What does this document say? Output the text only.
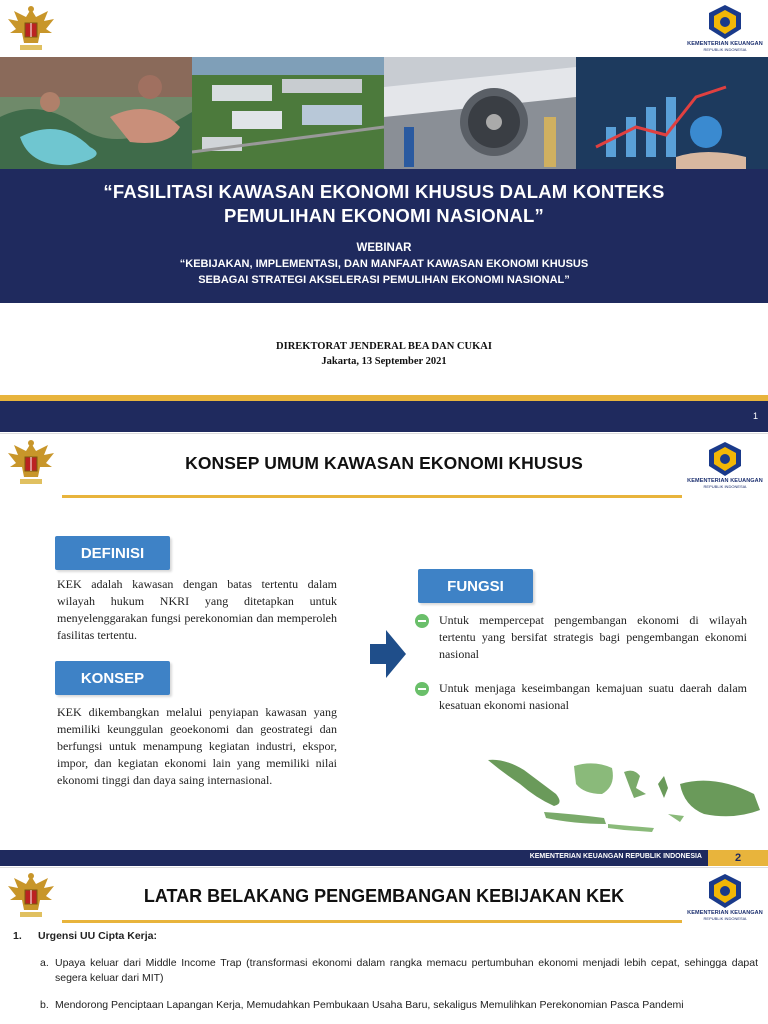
KEMENTERIAN KEUANGAN
REPUBLIK INDONESIA
“FASILITASI KAWASAN EKONOMI KHUSUS DALAM KONTEKS
PEMULIHAN EKONOMI NASIONAL”
WEBINAR
“KEBIJAKAN, IMPLEMENTASI, DAN MANFAAT KAWASAN EKONOMI KHUSUS
SEBAGAI STRATEGI AKSELERASI PEMULIHAN EKONOMI NASIONAL”
DIREKTORAT JENDERAL BEA DAN CUKAI
Jakarta, 13 September 2021
1
KONSEP UMUM KAWASAN EKONOMI KHUSUS
KEMENTERIAN KEUANGAN
REPUBLIK INDONESIA
DEFINISI
KEK adalah kawasan dengan batas tertentu dalam wilayah hukum NKRI yang ditetapkan untuk menyelenggarakan fungsi perekonomian dan memperoleh fasilitas tertentu.
KONSEP
KEK dikembangkan melalui penyiapan kawasan yang memiliki keunggulan geoekonomi dan geostrategi dan berfungsi untuk menampung kegiatan industri, ekspor, impor, dan kegiatan ekonomi lain yang memiliki nilai ekonomi tinggi dan daya saing internasional.
FUNGSI
Untuk mempercepat pengembangan ekonomi di wilayah tertentu yang bersifat strategis bagi pengembangan ekonomi nasional
Untuk menjaga keseimbangan kemajuan suatu daerah dalam kesatuan ekonomi nasional
KEMENTERIAN KEUANGAN REPUBLIK INDONESIA	2
LATAR BELAKANG PENGEMBANGAN KEBIJAKAN KEK
KEMENTERIAN KEUANGAN
REPUBLIK INDONESIA
1.	Urgensi UU Cipta Kerja:
a. Upaya keluar dari Middle Income Trap (transformasi ekonomi dalam rangka memacu pertumbuhan ekonomi menjadi lebih cepat, sehingga dapat segera keluar dari MIT)
b. Mendorong Penciptaan Lapangan Kerja, Memudahkan Pembukaan Usaha Baru, sekaligus Memulihkan Perekonomian Pasca Pandemi
